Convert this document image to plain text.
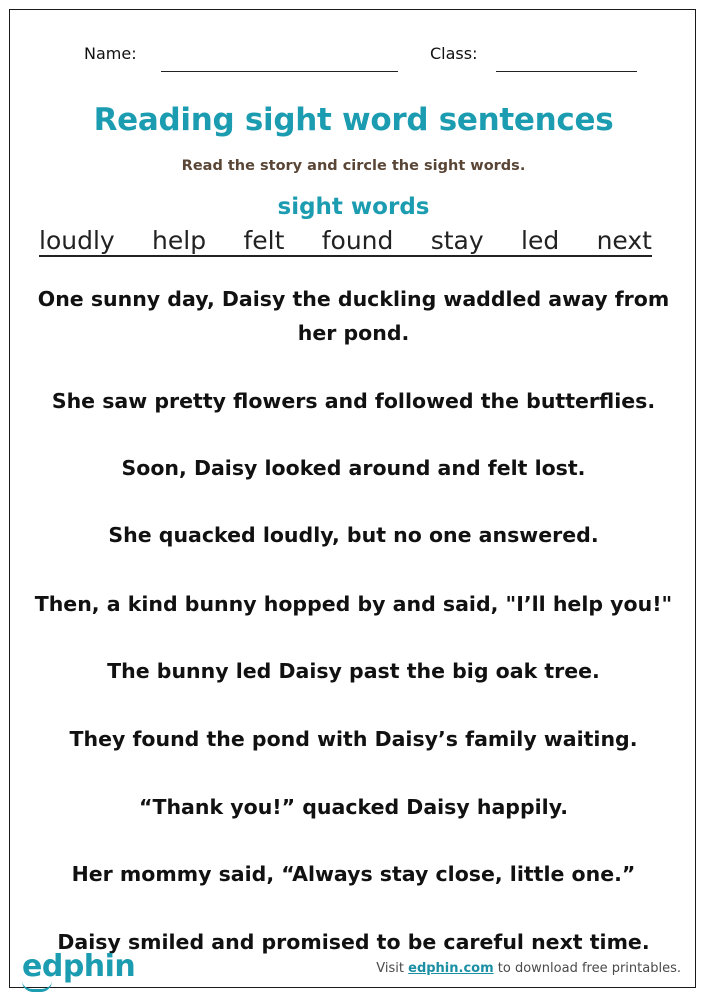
Name:	Class:
Reading sight word sentences
Read the story and circle the sight words.
sight words
loudly help felt found stay led next
One sunny day, Daisy the duckling waddled away from her pond.
She saw pretty flowers and followed the butterflies.
Soon, Daisy looked around and felt lost.
She quacked loudly, but no one answered.
Then, a kind bunny hopped by and said, "I’ll help you!"
The bunny led Daisy past the big oak tree.
They found the pond with Daisy’s family waiting.
“Thank you!” quacked Daisy happily.
Her mommy said, “Always stay close, little one.”
Daisy smiled and promised to be careful next time.
edphin	Visit edphin.com to download free printables.
